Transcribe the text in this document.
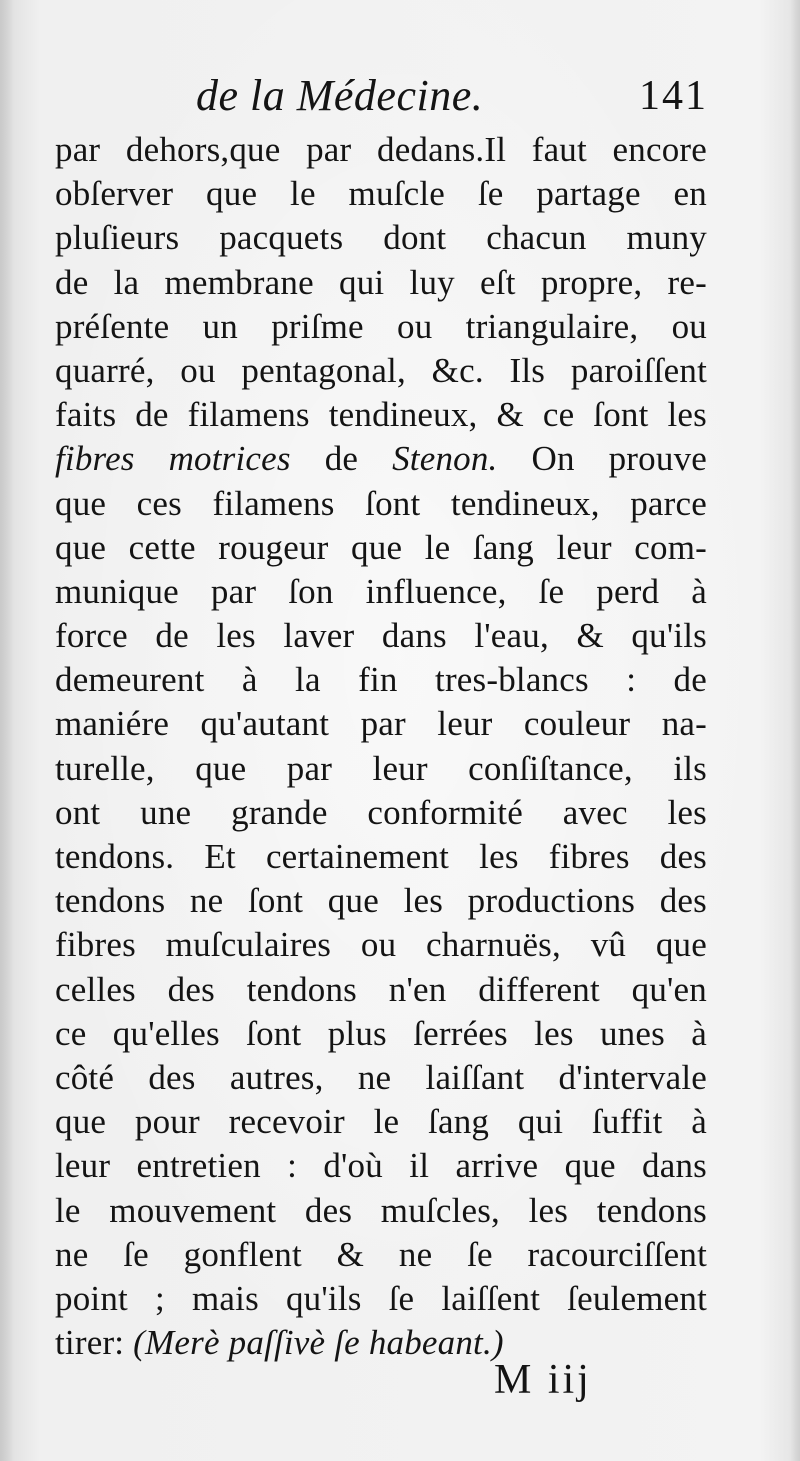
de la Médecine.	141
par dehors,que par dedans.Il faut encore
obſerver que le muſcle ſe partage en
pluſieurs pacquets dont chacun muny
de la membrane qui luy eſt propre, re-
préſente un priſme ou triangulaire, ou
quarré, ou pentagonal, &c. Ils paroiſſent
faits de filamens tendineux, & ce ſont les
fibres motrices de Stenon. On prouve
que ces filamens ſont tendineux, parce
que cette rougeur que le ſang leur com-
munique par ſon influence, ſe perd à
force de les laver dans l'eau, & qu'ils
demeurent à la fin tres-blancs : de
maniére qu'autant par leur couleur na-
turelle, que par leur conſiſtance, ils
ont une grande conformité avec les
tendons. Et certainement les fibres des
tendons ne ſont que les productions des
fibres muſculaires ou charnuës, vû que
celles des tendons n'en different qu'en
ce qu'elles ſont plus ſerrées les unes à
côté des autres, ne laiſſant d'intervale
que pour recevoir le ſang qui ſuffit à
leur entretien : d'où il arrive que dans
le mouvement des muſcles, les tendons
ne ſe gonflent & ne ſe racourciſſent
point ; mais qu'ils ſe laiſſent ſeulement
tirer: (Merè paſſivè ſe habeant.)
M iij
